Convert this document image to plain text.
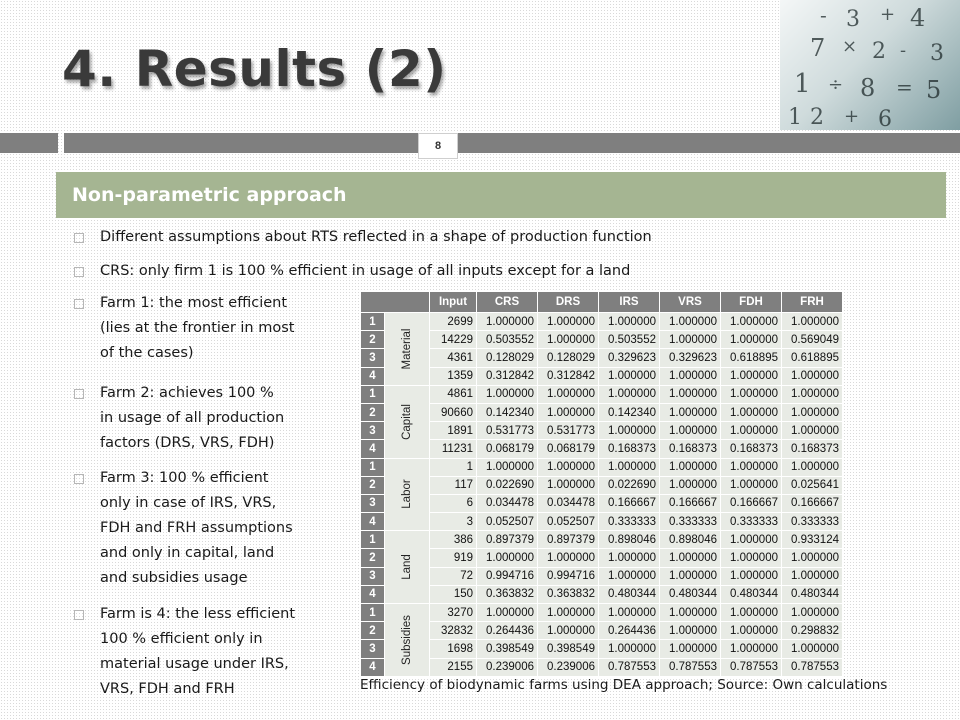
- 3 + 4
7 × 2 - 3
1 ÷ 8 = 5
1 2 + 6
4. Results (2)
8
Non-parametric approach
Different assumptions about RTS reflected in a shape of production function
CRS: only firm 1 is 100 % efficient in usage of all inputs except for a land
Farm 1: the most efficient
(lies at the frontier in most
of the cases)
Farm 2: achieves 100 %
in usage of all production
factors (DRS, VRS, FDH)
Farm 3: 100 % efficient
only in case of IRS, VRS,
FDH and FRH assumptions
and only in capital, land
and subsidies usage
Farm is 4: the less efficient
100 % efficient only in
material usage under IRS,
VRS, FDH and FRH
		Input	CRS	DRS	IRS	VRS	FDH	FRH
1	Material	2699	1.000000	1.000000	1.000000	1.000000	1.000000	1.000000
2		14229	0.503552	1.000000	0.503552	1.000000	1.000000	0.569049
3		4361	0.128029	0.128029	0.329623	0.329623	0.618895	0.618895
4		1359	0.312842	0.312842	1.000000	1.000000	1.000000	1.000000
1	Capital	4861	1.000000	1.000000	1.000000	1.000000	1.000000	1.000000
2		90660	0.142340	1.000000	0.142340	1.000000	1.000000	1.000000
3		1891	0.531773	0.531773	1.000000	1.000000	1.000000	1.000000
4		11231	0.068179	0.068179	0.168373	0.168373	0.168373	0.168373
1	Labor	1	1.000000	1.000000	1.000000	1.000000	1.000000	1.000000
2		117	0.022690	1.000000	0.022690	1.000000	1.000000	0.025641
3		6	0.034478	0.034478	0.166667	0.166667	0.166667	0.166667
4		3	0.052507	0.052507	0.333333	0.333333	0.333333	0.333333
1	Land	386	0.897379	0.897379	0.898046	0.898046	1.000000	0.933124
2		919	1.000000	1.000000	1.000000	1.000000	1.000000	1.000000
3		72	0.994716	0.994716	1.000000	1.000000	1.000000	1.000000
4		150	0.363832	0.363832	0.480344	0.480344	0.480344	0.480344
1	Subsidies	3270	1.000000	1.000000	1.000000	1.000000	1.000000	1.000000
2		32832	0.264436	1.000000	0.264436	1.000000	1.000000	0.298832
3		1698	0.398549	0.398549	1.000000	1.000000	1.000000	1.000000
4		2155	0.239006	0.239006	0.787553	0.787553	0.787553	0.787553
Efficiency of biodynamic farms using DEA approach; Source: Own calculations
